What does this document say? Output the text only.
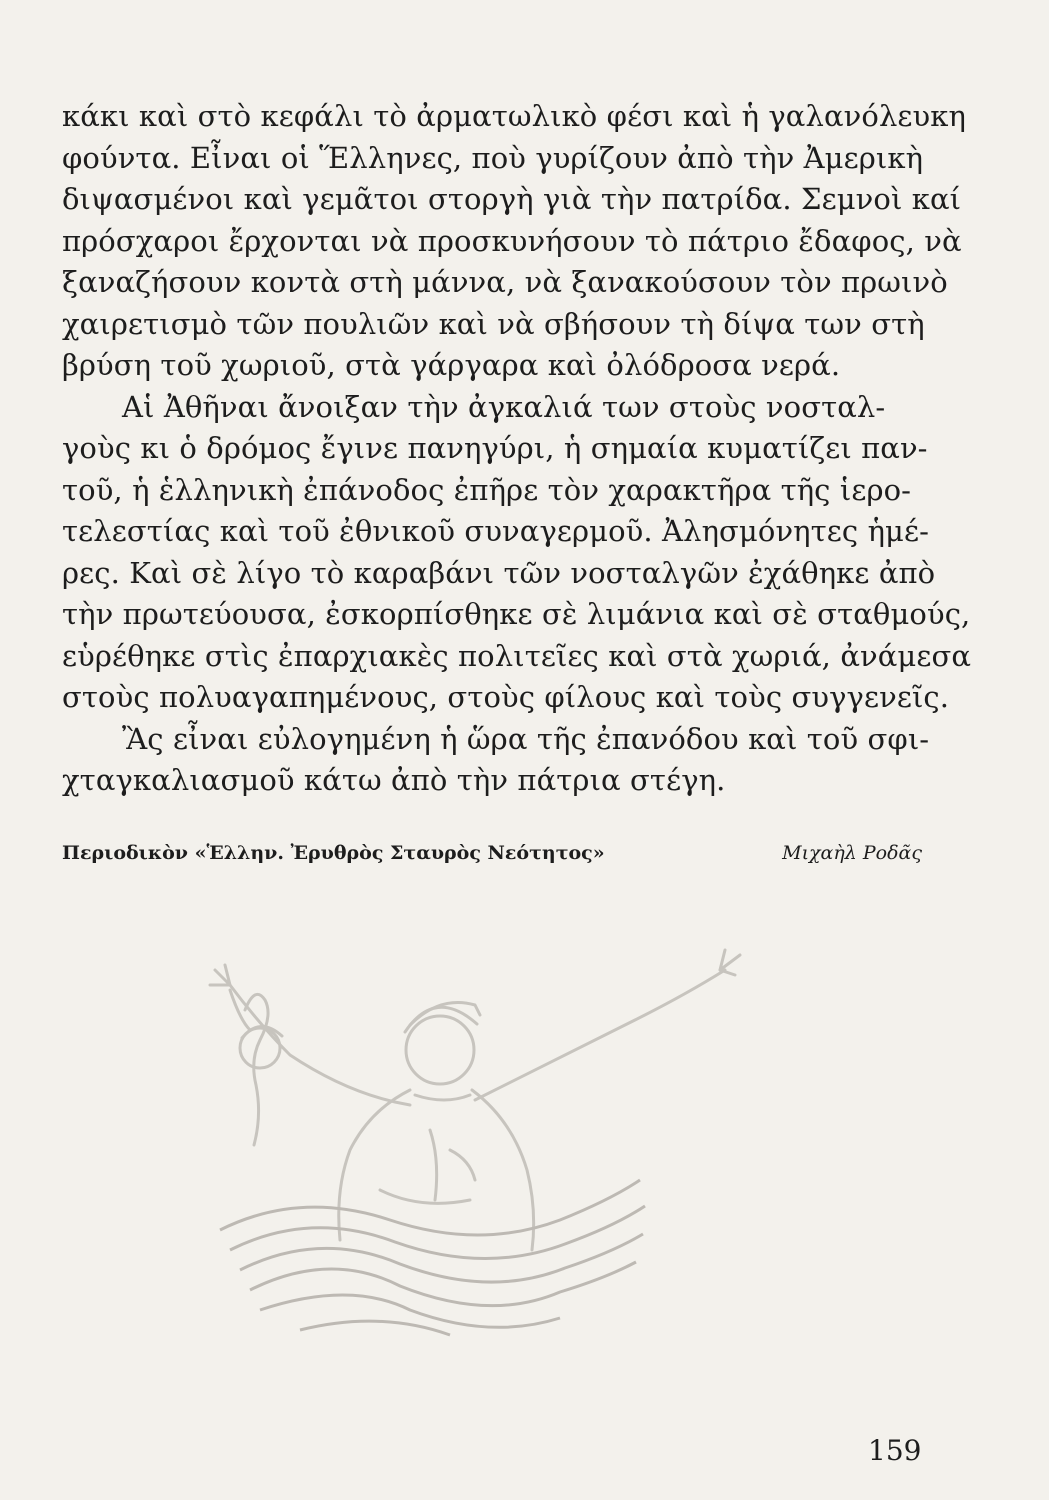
κάκι καὶ στὸ κεφάλι τὸ ἀρματωλικὸ φέσι καὶ ἡ γαλανόλευκη
φούντα. Εἶναι οἱ Ἕλληνες, ποὺ γυρίζουν ἀπὸ τὴν Ἀμερικὴ
διψασμένοι καὶ γεμᾶτοι στοργὴ γιὰ τὴν πατρίδα. Σεμνοὶ καί
πρόσχαροι ἔρχονται νὰ προσκυνήσουν τὸ πάτριο ἔδαφος, νὰ
ξαναζήσουν κοντὰ στὴ μάννα, νὰ ξανακούσουν τὸν πρωινὸ
χαιρετισμὸ τῶν πουλιῶν καὶ νὰ σβήσουν τὴ δίψα των στὴ
βρύση τοῦ χωριοῦ, στὰ γάργαρα καὶ ὀλόδροσα νερά.
Αἱ Ἀθῆναι ἄνοιξαν τὴν ἀγκαλιά των στοὺς νοσταλ-
γοὺς κι ὁ δρόμος ἔγινε πανηγύρι, ἡ σημαία κυματίζει παν-
τοῦ, ἡ ἑλληνικὴ ἐπάνοδος ἐπῆρε τὸν χαρακτῆρα τῆς ἱερο-
τελεστίας καὶ τοῦ ἐθνικοῦ συναγερμοῦ. Ἀλησμόνητες ἡμέ-
ρες. Καὶ σὲ λίγο τὸ καραβάνι τῶν νοσταλγῶν ἐχάθηκε ἀπὸ
τὴν πρωτεύουσα, ἐσκορπίσθηκε σὲ λιμάνια καὶ σὲ σταθμούς,
εὑρέθηκε στὶς ἐπαρχιακὲς πολιτεῖες καὶ στὰ χωριά, ἀνάμεσα
στοὺς πολυαγαπημένους, στοὺς φίλους καὶ τοὺς συγγενεῖς.
Ἂς εἶναι εὐλογημένη ἡ ὥρα τῆς ἐπανόδου καὶ τοῦ σφι-
χταγκαλιασμοῦ κάτω ἀπὸ τὴν πάτρια στέγη.
Περιοδικὸν «Ἑλλην. Ἐρυθρὸς Σταυρὸς Νεότητος»	Μιχαὴλ Ροδᾶς
159
